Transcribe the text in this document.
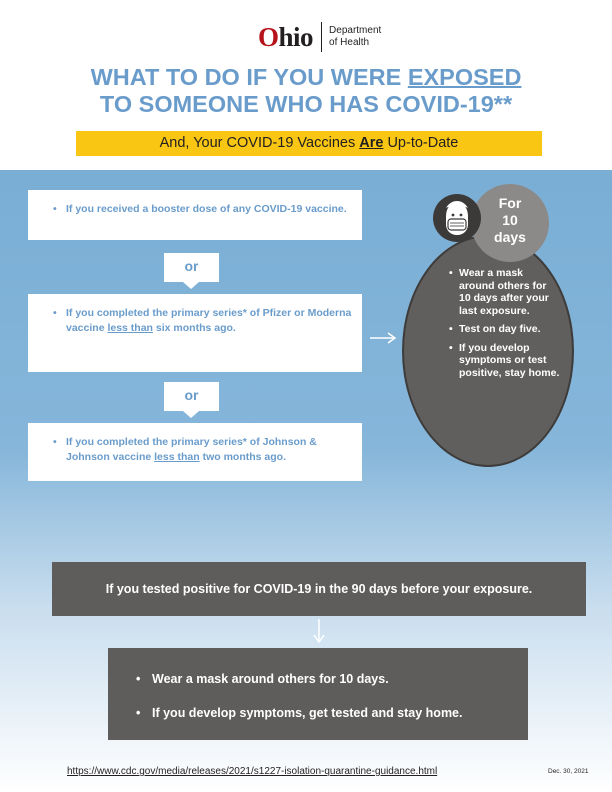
Ohio Department
of Health
WHAT TO DO IF YOU WERE EXPOSED
TO SOMEONE WHO HAS COVID-19**
And, Your COVID-19 Vaccines Are Up-to-Date
• If you received a booster dose of any COVID-19 vaccine.
or
• If you completed the primary series* of Pfizer or Moderna vaccine less than six months ago.
or
• If you completed the primary series* of Johnson & Johnson vaccine less than two months ago.
For
10
days
• Wear a mask around others for 10 days after your last exposure.
• Test on day five.
• If you develop symptoms or test positive, stay home.
If you tested positive for COVID-19 in the 90 days before your exposure.
• Wear a mask around others for 10 days.
• If you develop symptoms, get tested and stay home.
https://www.cdc.gov/media/releases/2021/s1227-isolation-quarantine-guidance.html	Dec. 30, 2021
